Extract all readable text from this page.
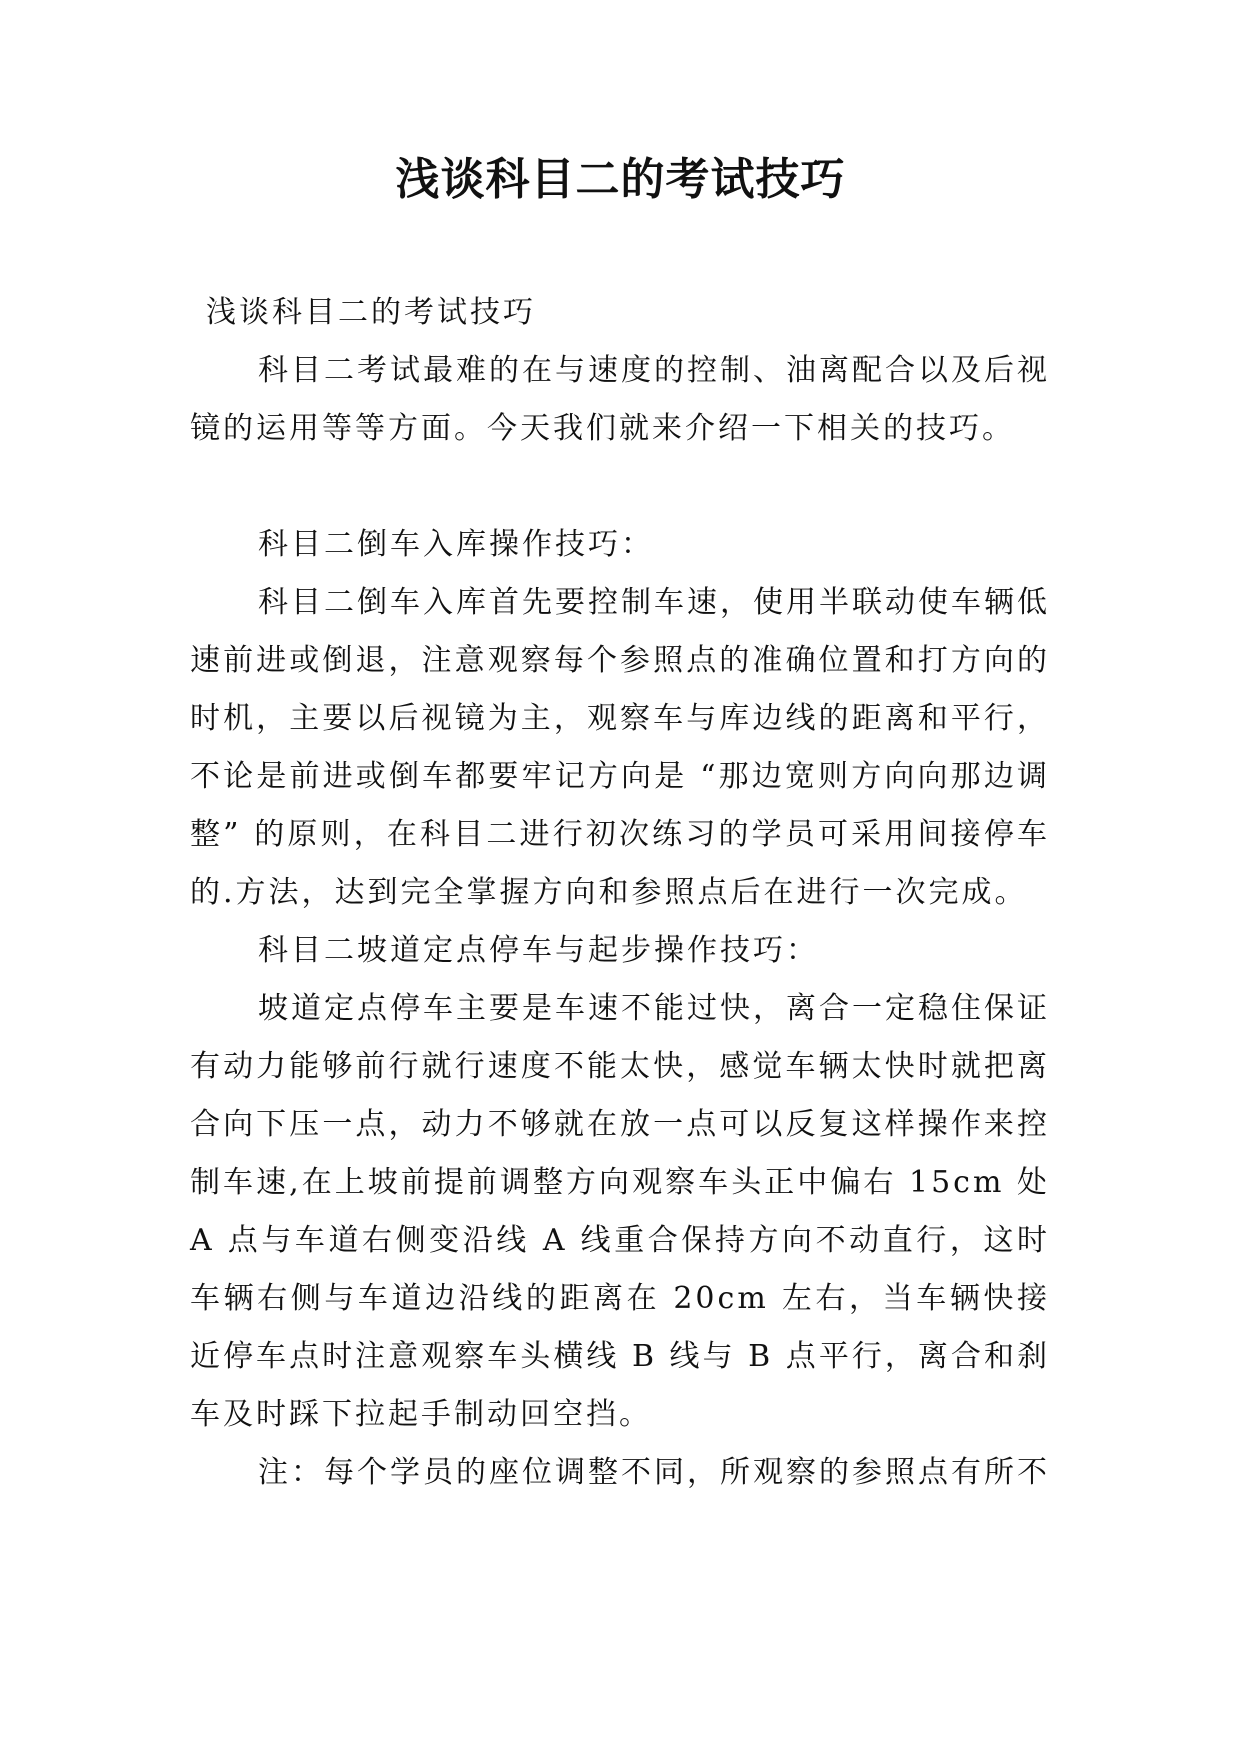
浅谈科目二的考试技巧

浅谈科目二的考试技巧

科目二考试最难的在与速度的控制、油离配合以及后视镜的运用等等方面。今天我们就来介绍一下相关的技巧。

科目二倒车入库操作技巧：

科目二倒车入库首先要控制车速，使用半联动使车辆低速前进或倒退，注意观察每个参照点的准确位置和打方向的时机，主要以后视镜为主，观察车与库边线的距离和平行，不论是前进或倒车都要牢记方向是 “那边宽则方向向那边调整” 的原则，在科目二进行初次练习的学员可采用间接停车的.方法，达到完全掌握方向和参照点后在进行一次完成。

科目二坡道定点停车与起步操作技巧：

坡道定点停车主要是车速不能过快，离合一定稳住保证有动力能够前行就行速度不能太快，感觉车辆太快时就把离合向下压一点，动力不够就在放一点可以反复这样操作来控制车速,在上坡前提前调整方向观察车头正中偏右 15cm 处 A 点与车道右侧变沿线 A 线重合保持方向不动直行，这时车辆右侧与车道边沿线的距离在 20cm 左右，当车辆快接近停车点时注意观察车头横线 B 线与 B 点平行，离合和刹车及时踩下拉起手制动回空挡。

注：每个学员的座位调整不同，所观察的参照点有所不
